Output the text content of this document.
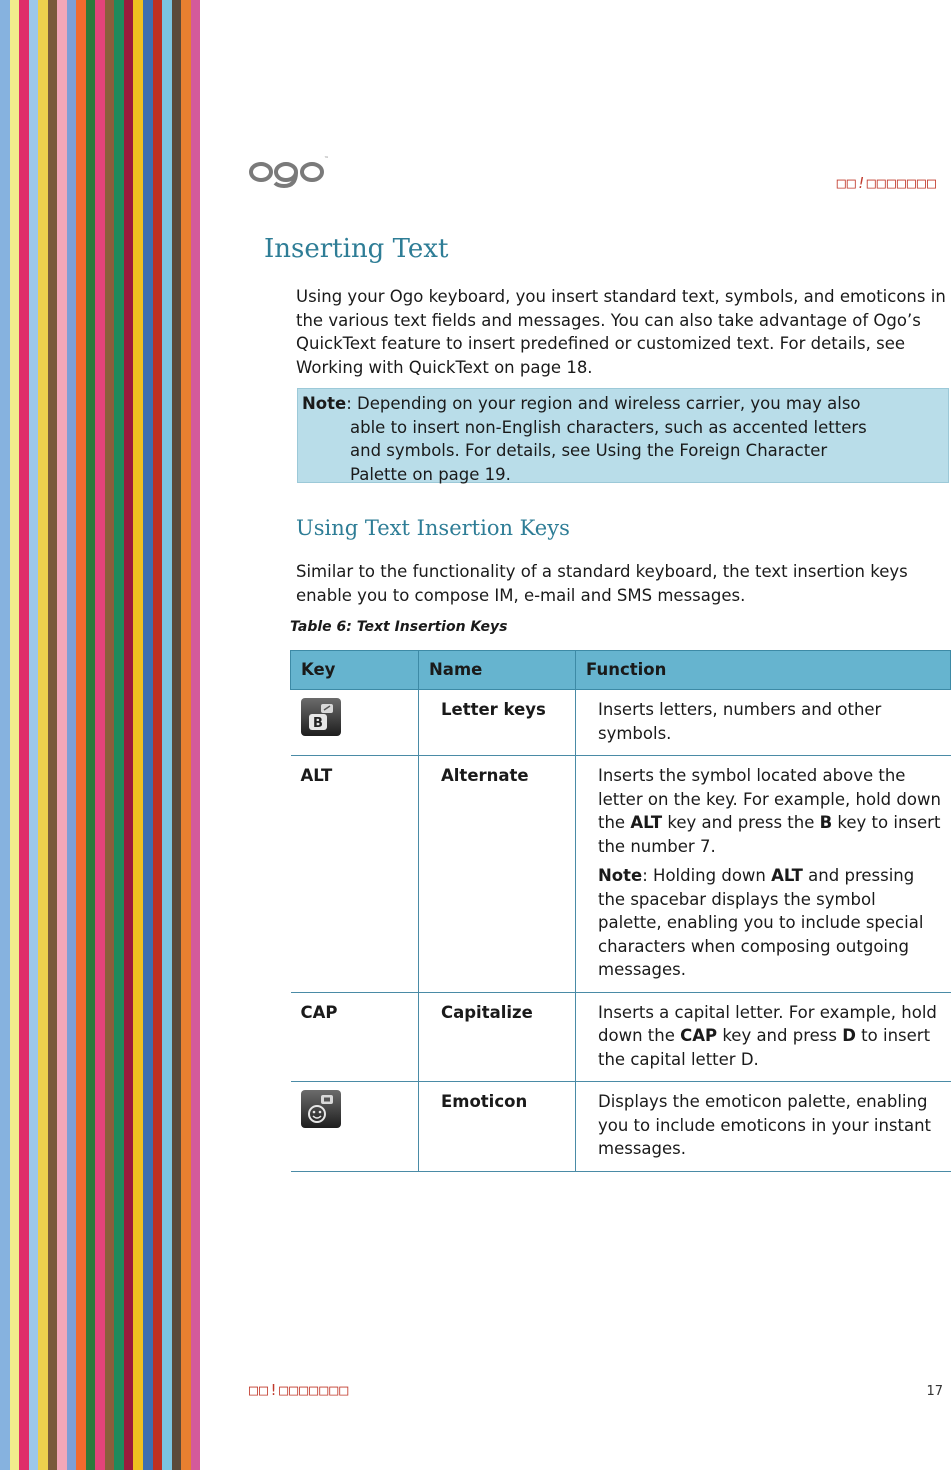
™
□□!□□□□□□□
Inserting Text

Using your Ogo keyboard, you insert standard text, symbols, and emoticons in the various text fields and messages. You can also take advantage of Ogo’s QuickText feature to insert predefined or customized text. For details, see Working with QuickText on page 18.

Note: Depending on your region and wireless carrier, you may also
able to insert non-English characters, such as accented letters
and symbols. For details, see Using the Foreign Character
Palette on page 19.
Using Text Insertion Keys

Similar to the functionality of a standard keyboard, the text insertion keys enable you to compose IM, e-mail and SMS messages.

Table 6: Text Insertion Keys
Key	Name	Function

B	Letter keys	Inserts letters, numbers and other symbols.

ALT	Alternate	Inserts the symbol located above the letter on the key. For example, hold down the ALT key and press the B key to insert the number 7.

Note: Holding down ALT and pressing the spacebar displays the symbol palette, enabling you to include special characters when composing outgoing messages.

CAP	Capitalize	Inserts a capital letter. For example, hold down the CAP key and press D to insert the capital letter D.

	Emoticon	Displays the emoticon palette, enabling you to include emoticons in your instant messages.

□□!□□□□□□□	17
